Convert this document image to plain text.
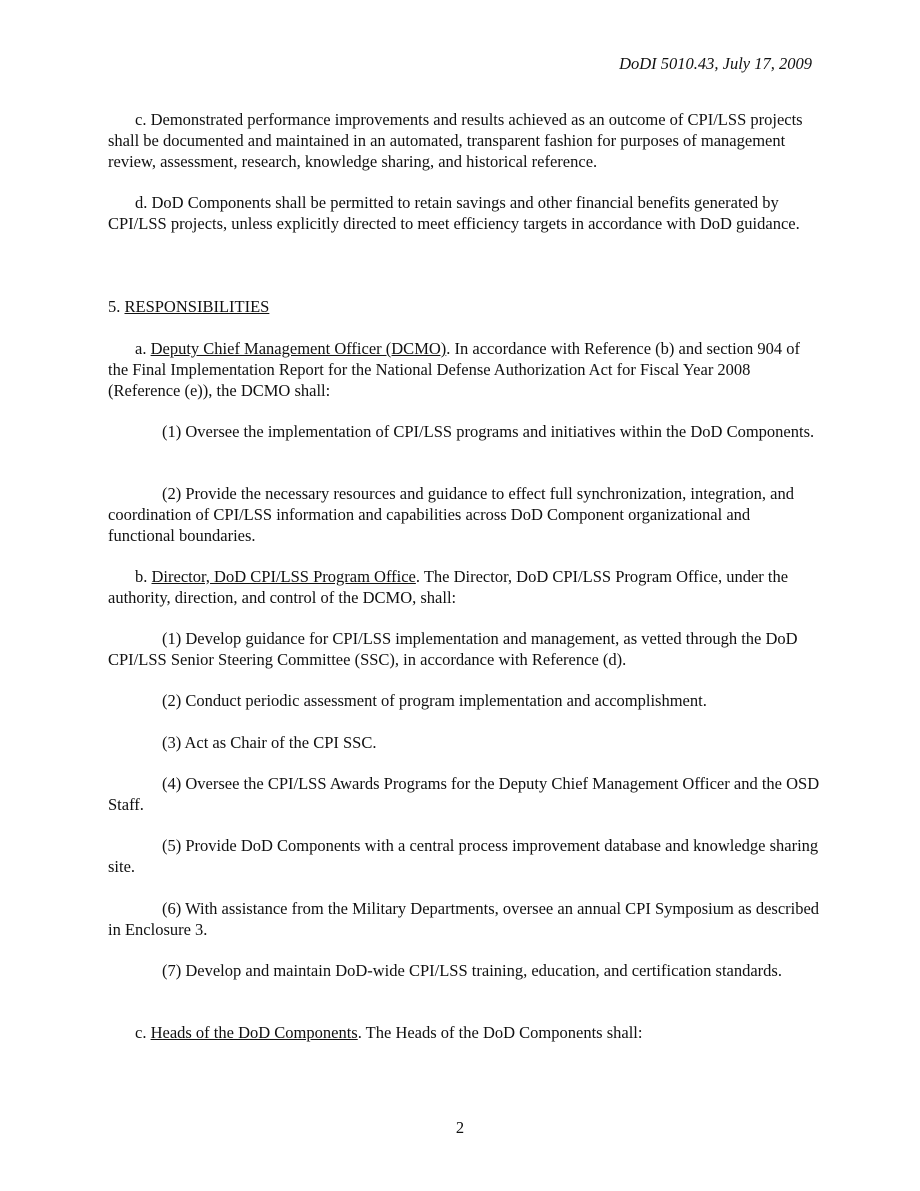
DoDI 5010.43, July 17, 2009

c. Demonstrated performance improvements and results achieved as an outcome of CPI/LSS projects shall be documented and maintained in an automated, transparent fashion for purposes of management review, assessment, research, knowledge sharing, and historical reference.

d. DoD Components shall be permitted to retain savings and other financial benefits generated by CPI/LSS projects, unless explicitly directed to meet efficiency targets in accordance with DoD guidance.

5. RESPONSIBILITIES

a. Deputy Chief Management Officer (DCMO). In accordance with Reference (b) and section 904 of the Final Implementation Report for the National Defense Authorization Act for Fiscal Year 2008 (Reference (e)), the DCMO shall:

(1) Oversee the implementation of CPI/LSS programs and initiatives within the DoD Components.

(2) Provide the necessary resources and guidance to effect full synchronization, integration, and coordination of CPI/LSS information and capabilities across DoD Component organizational and functional boundaries.

b. Director, DoD CPI/LSS Program Office. The Director, DoD CPI/LSS Program Office, under the authority, direction, and control of the DCMO, shall:

(1) Develop guidance for CPI/LSS implementation and management, as vetted through the DoD CPI/LSS Senior Steering Committee (SSC), in accordance with Reference (d).

(2) Conduct periodic assessment of program implementation and accomplishment.

(3) Act as Chair of the CPI SSC.

(4) Oversee the CPI/LSS Awards Programs for the Deputy Chief Management Officer and the OSD Staff.

(5) Provide DoD Components with a central process improvement database and knowledge sharing site.

(6) With assistance from the Military Departments, oversee an annual CPI Symposium as described in Enclosure 3.

(7) Develop and maintain DoD-wide CPI/LSS training, education, and certification standards.

c. Heads of the DoD Components. The Heads of the DoD Components shall:

2
